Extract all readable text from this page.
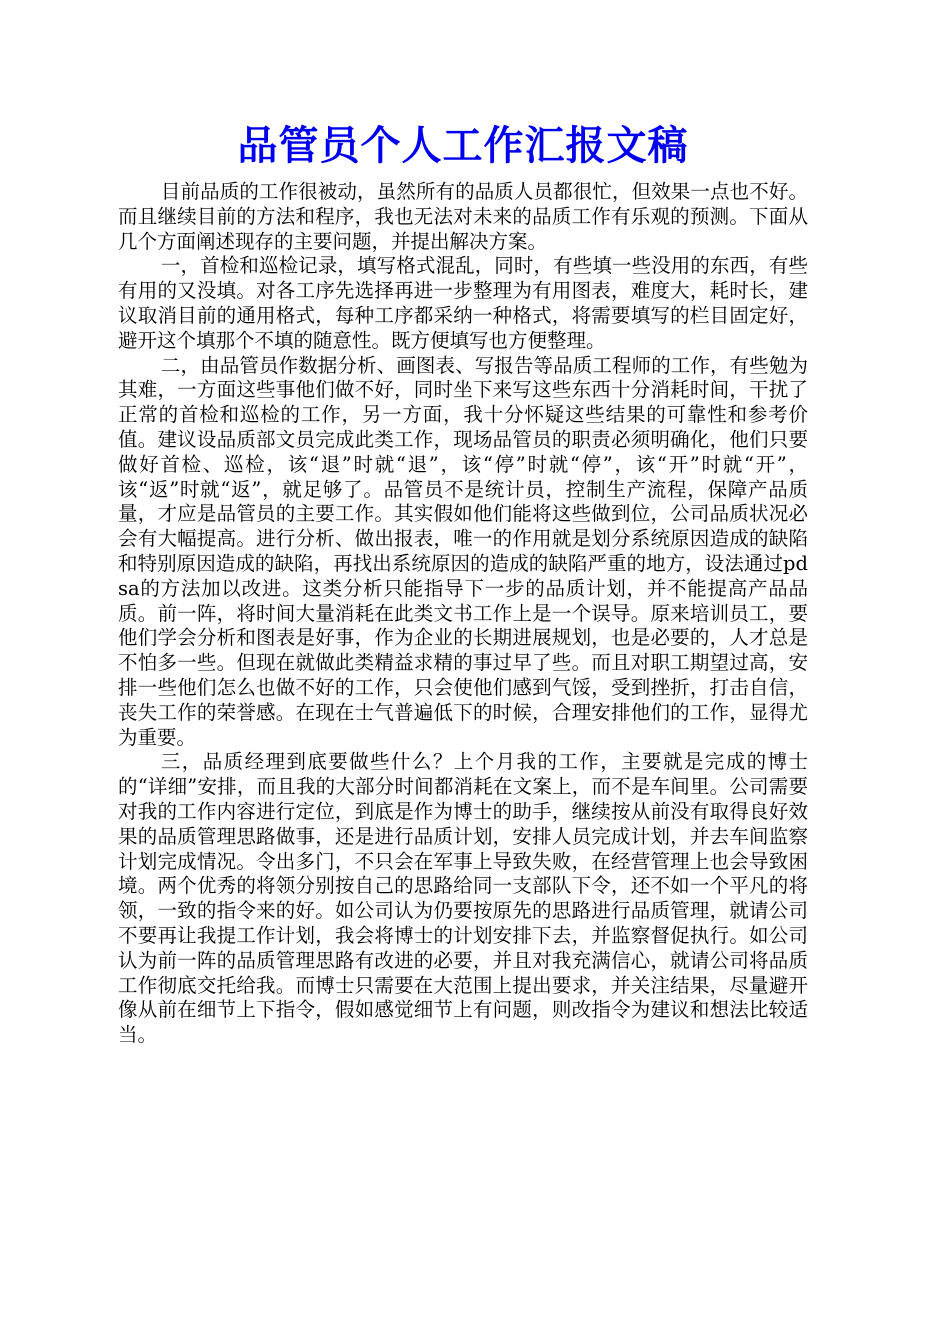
品管员个人工作汇报文稿

目前品质的工作很被动，虽然所有的品质人员都很忙，但效果一点也不好。而且继续目前的方法和程序，我也无法对未来的品质工作有乐观的预测。下面从几个方面阐述现存的主要问题，并提出解决方案。

一，首检和巡检记录，填写格式混乱，同时，有些填一些没用的东西，有些有用的又没填。对各工序先选择再进一步整理为有用图表，难度大，耗时长，建议取消目前的通用格式，每种工序都采纳一种格式，将需要填写的栏目固定好，避开这个填那个不填的随意性。既方便填写也方便整理。

二，由品管员作数据分析、画图表、写报告等品质工程师的工作，有些勉为其难，一方面这些事他们做不好，同时坐下来写这些东西十分消耗时间，干扰了正常的首检和巡检的工作，另一方面，我十分怀疑这些结果的可靠性和参考价值。建议设品质部文员完成此类工作，现场品管员的职责必须明确化，他们只要做好首检、巡检，该“退”时就“退”，该“停”时就“停”，该“开”时就“开”，该“返”时就“返”，就足够了。品管员不是统计员，控制生产流程，保障产品质量，才应是品管员的主要工作。其实假如他们能将这些做到位，公司品质状况必会有大幅提高。进行分析、做出报表，唯一的作用就是划分系统原因造成的缺陷和特别原因造成的缺陷，再找出系统原因的造成的缺陷严重的地方，设法通过pdsa的方法加以改进。这类分析只能指导下一步的品质计划，并不能提高产品品质。前一阵，将时间大量消耗在此类文书工作上是一个误导。原来培训员工，要他们学会分析和图表是好事，作为企业的长期进展规划，也是必要的，人才总是不怕多一些。但现在就做此类精益求精的事过早了些。而且对职工期望过高，安排一些他们怎么也做不好的工作，只会使他们感到气馁，受到挫折，打击自信，丧失工作的荣誉感。在现在士气普遍低下的时候，合理安排他们的工作，显得尤为重要。

三，品质经理到底要做些什么？上个月我的工作，主要就是完成的博士的“详细”安排，而且我的大部分时间都消耗在文案上，而不是车间里。公司需要对我的工作内容进行定位，到底是作为博士的助手，继续按从前没有取得良好效果的品质管理思路做事，还是进行品质计划，安排人员完成计划，并去车间监察计划完成情况。令出多门，不只会在军事上导致失败，在经营管理上也会导致困境。两个优秀的将领分别按自己的思路给同一支部队下令，还不如一个平凡的将领，一致的指令来的好。如公司认为仍要按原先的思路进行品质管理，就请公司不要再让我提工作计划，我会将博士的计划安排下去，并监察督促执行。如公司认为前一阵的品质管理思路有改进的必要，并且对我充满信心，就请公司将品质工作彻底交托给我。而博士只需要在大范围上提出要求，并关注结果，尽量避开像从前在细节上下指令，假如感觉细节上有问题，则改指令为建议和想法比较适当。
